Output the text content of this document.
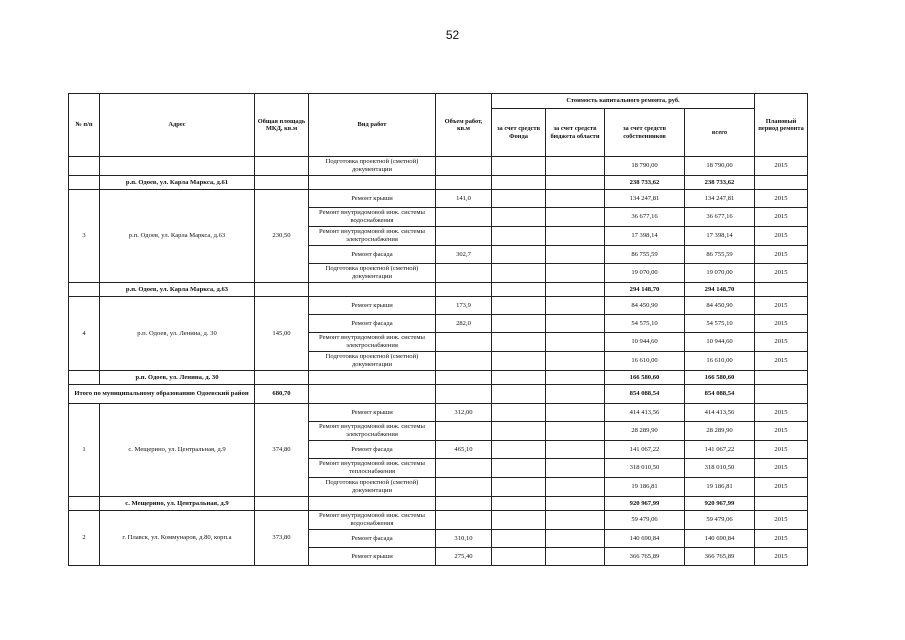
52
№ п/п	Адрес	Общая площадь МКД, кв.м	Вид работ	Объем работ, кв.м	Стоимость капитального ремонта, руб.				Плановый период ремонта
					за счет средств Фонда	за счет средств бюджета области	за счет средств собственников	всего	
			Подготовка проектной (сметной) документации				18 790,00	18 790,00	2015
	р.п. Одоев, ул. Карла Маркса, д.61						238 733,62	238 733,62	
3	р.п. Одоев, ул. Карла Маркса, д.63	230,50	Ремонт крыши	141,0			134 247,81	134 247,81	2015
			Ремонт внутридомовой инж. системы водоснабжения				36 677,16	36 677,16	2015
			Ремонт внутридомовой инж. системы электроснабжения				17 398,14	17 398,14	2015
			Ремонт фасада	302,7			86 755,59	86 755,59	2015
			Подготовка проектной (сметной) документации				19 070,00	19 070,00	2015
	р.п. Одоев, ул. Карла Маркса, д.63						294 148,70	294 148,70	
4	р.п. Одоев, ул. Ленина, д. 30	145,00	Ремонт крыши	173,9			84 450,90	84 450,90	2015
			Ремонт фасада	282,0			54 575,10	54 575,10	2015
			Ремонт внутридомовой инж. системы электроснабжения				10 944,60	10 944,60	2015
			Подготовка проектной (сметной) документации				16 610,00	16 610,00	2015
	р.п. Одоев, ул. Ленина, д. 30						166 580,60	166 580,60	
Итого по муниципальному образованию Одоевский район		680,70					854 088,54	854 088,54	
1	с. Мещерино, ул. Центральная, д.9	374,80	Ремонт крыши	312,00			414 413,56	414 413,56	2015
			Ремонт внутридомовой инж. системы электроснабжения				28 289,90	28 289,90	2015
			Ремонт фасада	465,10			141 067,22	141 067,22	2015
			Ремонт внутридомовой инж. системы теплоснабжения				318 010,50	318 010,50	2015
			Подготовка проектной (сметной) документации				19 186,81	19 186,81	2015
	с. Мещерино, ул. Центральная, д.9						920 967,99	920 967,99	
2	г. Плавск, ул. Коммунаров, д.80, корп.а	373,80	Ремонт внутридомовой инж. системы водоснабжения				59 479,06	59 479,06	2015
			Ремонт фасада	310,10			140 690,84	140 690,84	2015
			Ремонт крыши	275,40			366 765,89	366 765,89	2015
